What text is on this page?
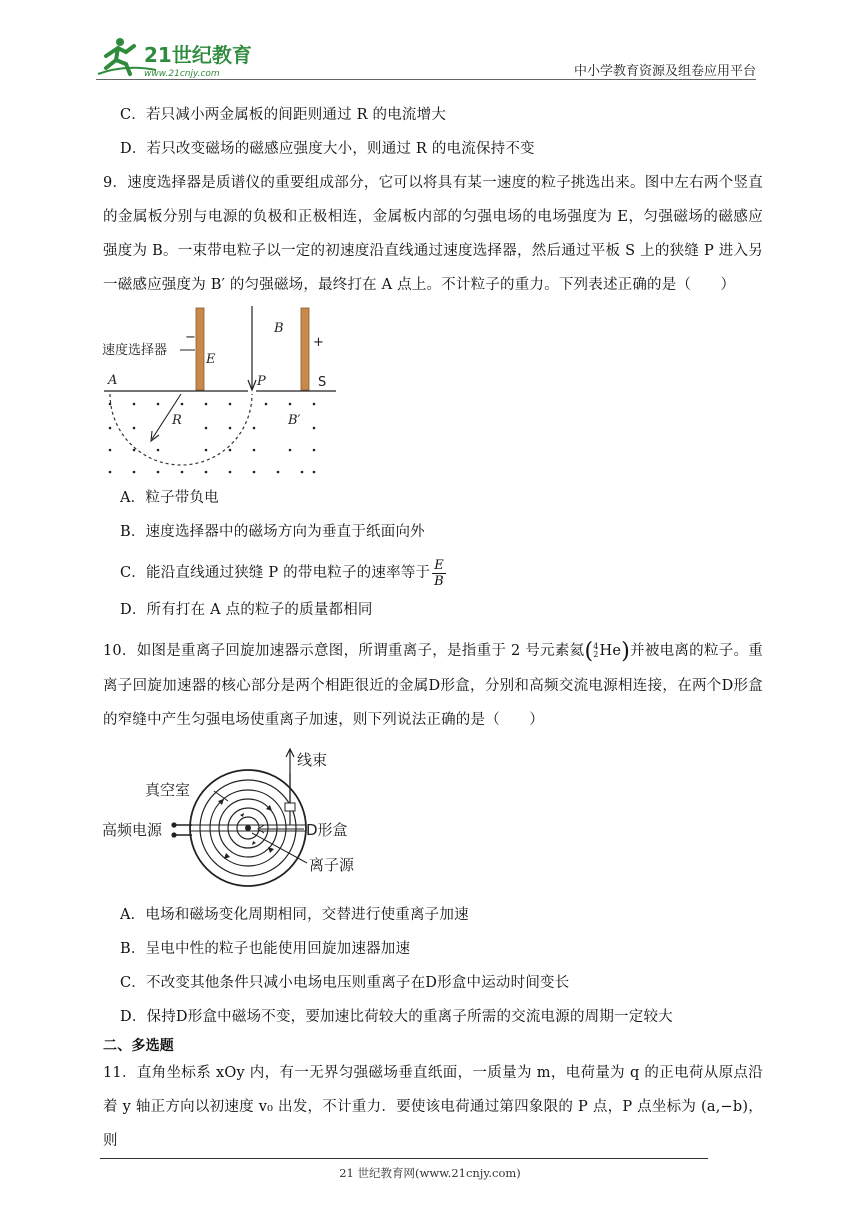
21世纪教育
www.21cnjy.com	中小学教育资源及组卷应用平台
C．若只减小两金属板的间距则通过 R 的电流增大
D．若只改变磁场的磁感应强度大小，则通过 R 的电流保持不变
9．速度选择器是质谱仪的重要组成部分，它可以将具有某一速度的粒子挑选出来。图中左右两个竖直的金属板分别与电源的负极和正极相连，金属板内部的匀强电场的电场强度为 E，匀强磁场的磁感应强度为 B。一束带电粒子以一定的初速度沿直线通过速度选择器，然后通过平板 S 上的狭缝 P 进入另一磁感应强度为 B′ 的匀强磁场，最终打在 A 点上。不计粒子的重力。下列表述正确的是（　　）
速度选择器
−
E
B
+
A	P	S
R	B′
A．粒子带负电
B．速度选择器中的磁场方向为垂直于纸面向外
C．能沿直线通过狭缝 P 的带电粒子的速率等于 $\frac{E}{B}$
D．所有打在 A 点的粒子的质量都相同
10．如图是重离子回旋加速器示意图，所谓重离子，是指重于 2 号元素氦( 4
2 He)并被电离的粒子。重离子回旋加速器的核心部分是两个相距很近的金属D形盒，分别和高频交流电源相连接，在两个D形盒的窄缝中产生匀强电场使重离子加速，则下列说法正确的是（　　）
线束
真空室
高频电源	D形盒
离子源
A．电场和磁场变化周期相同，交替进行使重离子加速
B．呈电中性的粒子也能使用回旋加速器加速
C．不改变其他条件只减小电场电压则重离子在D形盒中运动时间变长
D．保持D形盒中磁场不变，要加速比荷较大的重离子所需的交流电源的周期一定较大
二、多选题
11．直角坐标系 xOy 内，有一无界匀强磁场垂直纸面，一质量为 m，电荷量为 q 的正电荷从原点沿着 y 轴正方向以初速度 v₀ 出发，不计重力．要使该电荷通过第四象限的 P 点，P 点坐标为 (a,−b)，则
21 世纪教育网(www.21cnjy.com)
